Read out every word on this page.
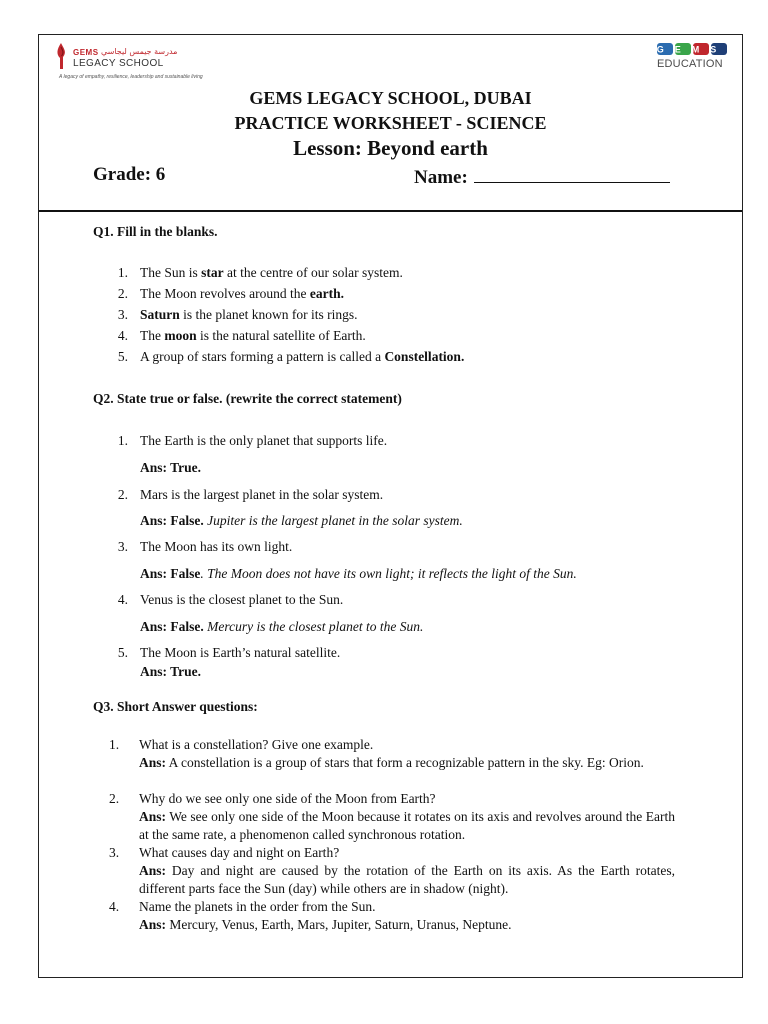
GEMS مدرسة جيمس ليجاسي
LEGACY SCHOOL
A legacy of empathy, resilience, leadership and sustainable living
GEMS
EDUCATION
GEMS LEGACY SCHOOL, DUBAI
PRACTICE WORKSHEET - SCIENCE
Lesson: Beyond earth
Grade: 6	Name:
Q1. Fill in the blanks.
1. The Sun is star at the centre of our solar system.
2. The Moon revolves around the earth.
3. Saturn is the planet known for its rings.
4. The moon is the natural satellite of Earth.
5. A group of stars forming a pattern is called a Constellation.
Q2. State true or false. (rewrite the correct statement)
1. The Earth is the only planet that supports life.
Ans: True.
2. Mars is the largest planet in the solar system.
Ans: False. Jupiter is the largest planet in the solar system.
3. The Moon has its own light.
Ans: False. The Moon does not have its own light; it reflects the light of the Sun.
4. Venus is the closest planet to the Sun.
Ans: False. Mercury is the closest planet to the Sun.
5. The Moon is Earth’s natural satellite.
Ans: True.
Q3. Short Answer questions:
1. What is a constellation? Give one example.
Ans: A constellation is a group of stars that form a recognizable pattern in the sky. Eg: Orion.
2. Why do we see only one side of the Moon from Earth?
Ans: We see only one side of the Moon because it rotates on its axis and revolves around the Earth at the same rate, a phenomenon called synchronous rotation.
3. What causes day and night on Earth?
Ans: Day and night are caused by the rotation of the Earth on its axis. As the Earth rotates, different parts face the Sun (day) while others are in shadow (night).
4. Name the planets in the order from the Sun.
Ans: Mercury, Venus, Earth, Mars, Jupiter, Saturn, Uranus, Neptune.
